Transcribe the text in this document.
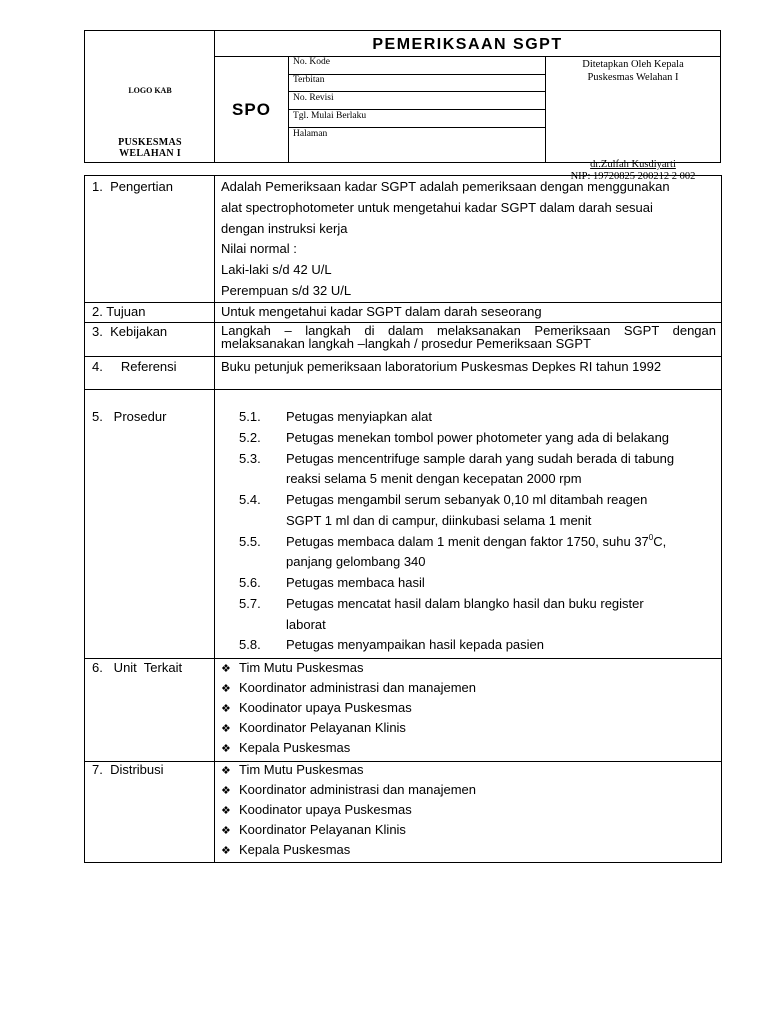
LOGO KAB
PUSKESMAS
WELAHAN I
PEMERIKSAAN SGPT
SPO
No. Kode
Terbitan
No. Revisi
Tgl. Mulai Berlaku
Halaman
Ditetapkan Oleh Kepala
Puskesmas Welahan I
dr.Zulfah Kusdiyarti
NIP: 19720825 200212 2 002
1.  Pengertian	Adalah Pemeriksaan kadar SGPT adalah pemeriksaan dengan menggunakan
alat spectrophotometer untuk mengetahui kadar SGPT dalam darah sesuai
dengan instruksi kerja
Nilai normal :
Laki-laki s/d 42 U/L
Perempuan s/d 32 U/L
2. Tujuan	Untuk mengetahui kadar SGPT dalam darah seseorang
3.  Kebijakan	Langkah – langkah di dalam melaksanakan Pemeriksaan SGPT dengan
melaksanakan langkah –langkah / prosedur Pemeriksaan SGPT
4.     Referensi	Buku petunjuk pemeriksaan laboratorium Puskesmas Depkes RI tahun 1992
5.   Prosedur	5.1. Petugas menyiapkan alat
5.2. Petugas menekan tombol power photometer yang ada di belakang
5.3. Petugas mencentrifuge sample darah yang sudah berada di tabung
reaksi selama 5 menit dengan kecepatan 2000 rpm
5.4. Petugas mengambil serum sebanyak 0,10 ml ditambah reagen
SGPT 1 ml dan di campur, diinkubasi selama 1 menit
5.5. Petugas membaca dalam 1 menit dengan faktor 1750, suhu $37^0C$,
panjang gelombang 340
5.6. Petugas membaca hasil
5.7. Petugas mencatat hasil dalam blangko hasil dan buku register
laborat
5.8. Petugas menyampaikan hasil kepada pasien
6.   Unit  Terkait	❖ Tim Mutu Puskesmas
❖ Koordinator administrasi dan manajemen
❖ Koodinator upaya Puskesmas
❖ Koordinator Pelayanan Klinis
❖ Kepala Puskesmas
7.  Distribusi	❖ Tim Mutu Puskesmas
❖ Koordinator administrasi dan manajemen
❖ Koodinator upaya Puskesmas
❖ Koordinator Pelayanan Klinis
❖ Kepala Puskesmas
